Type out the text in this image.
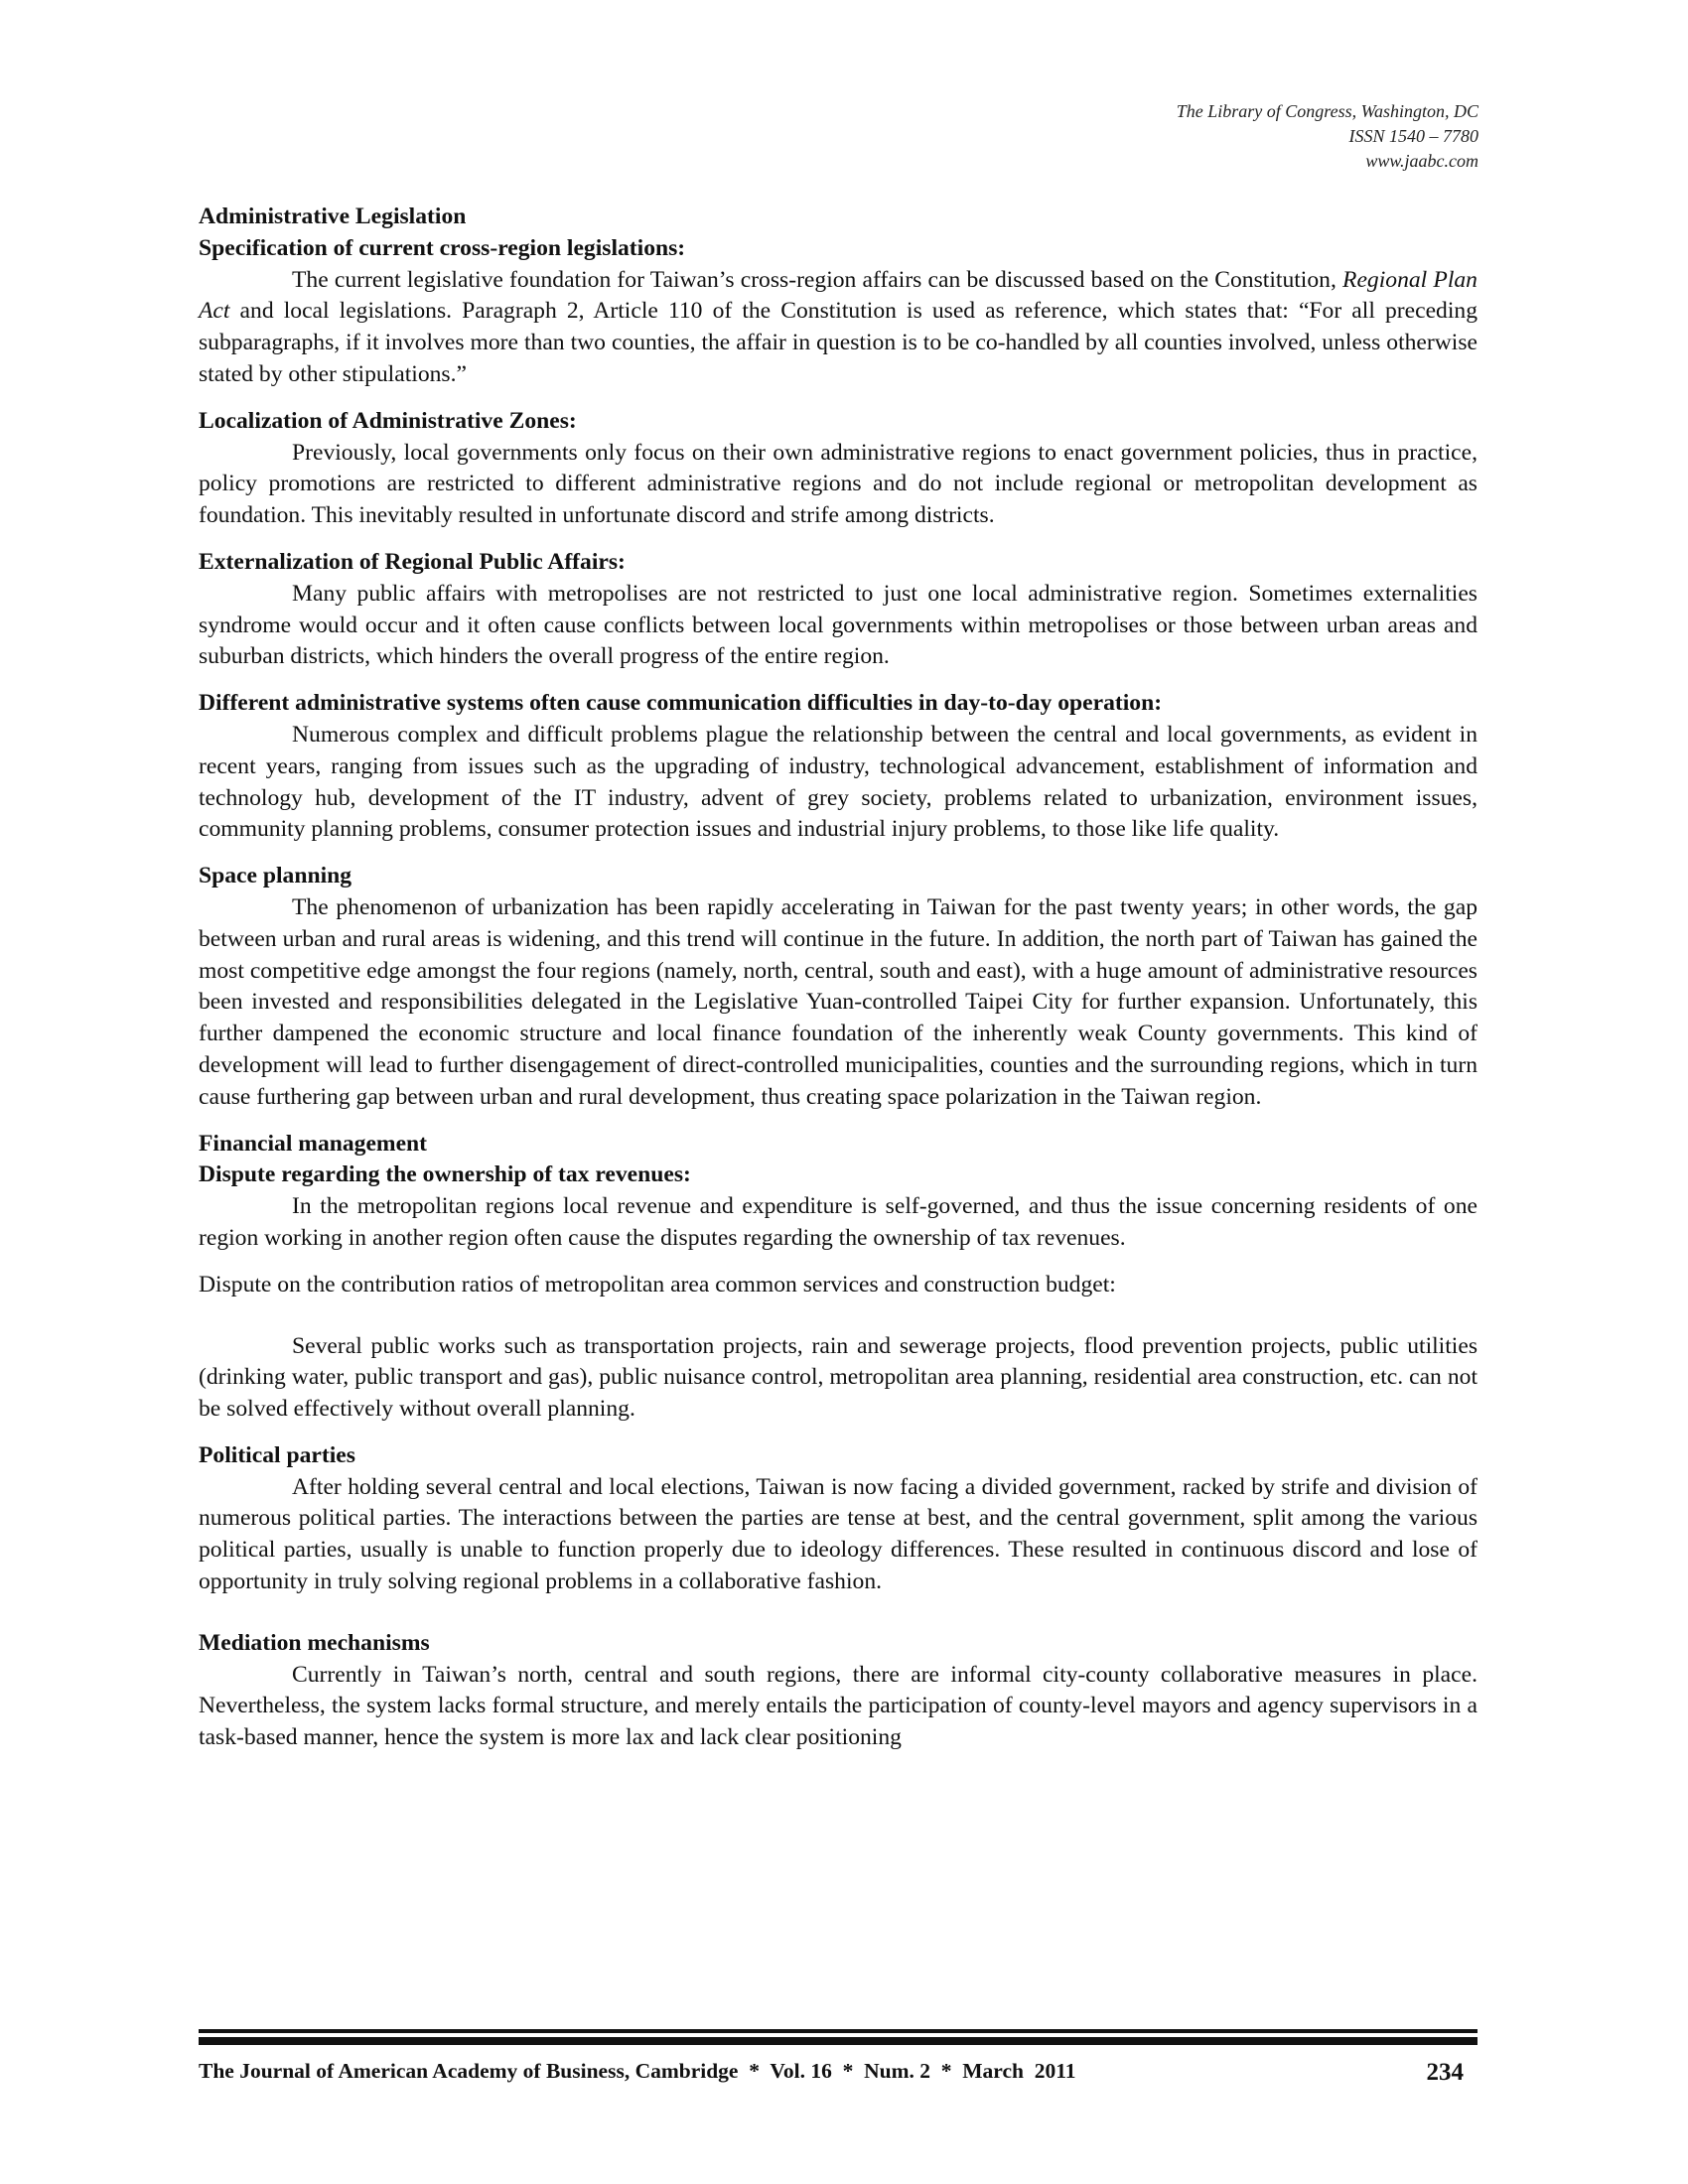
The Library of Congress, Washington, DC
ISSN 1540 – 7780
www.jaabc.com

Administrative Legislation

Specification of current cross-region legislations:

The current legislative foundation for Taiwan’s cross-region affairs can be discussed based on the Constitution, Regional Plan Act and local legislations. Paragraph 2, Article 110 of the Constitution is used as reference, which states that: “For all preceding subparagraphs, if it involves more than two counties, the affair in question is to be co-handled by all counties involved, unless otherwise stated by other stipulations.”

Localization of Administrative Zones:

Previously, local governments only focus on their own administrative regions to enact government policies, thus in practice, policy promotions are restricted to different administrative regions and do not include regional or metropolitan development as foundation. This inevitably resulted in unfortunate discord and strife among districts.

Externalization of Regional Public Affairs:

Many public affairs with metropolises are not restricted to just one local administrative region. Sometimes externalities syndrome would occur and it often cause conflicts between local governments within metropolises or those between urban areas and suburban districts, which hinders the overall progress of the entire region.

Different administrative systems often cause communication difficulties in day-to-day operation:

Numerous complex and difficult problems plague the relationship between the central and local governments, as evident in recent years, ranging from issues such as the upgrading of industry, technological advancement, establishment of information and technology hub, development of the IT industry, advent of grey society, problems related to urbanization, environment issues, community planning problems, consumer protection issues and industrial injury problems, to those like life quality.

Space planning

The phenomenon of urbanization has been rapidly accelerating in Taiwan for the past twenty years; in other words, the gap between urban and rural areas is widening, and this trend will continue in the future. In addition, the north part of Taiwan has gained the most competitive edge amongst the four regions (namely, north, central, south and east), with a huge amount of administrative resources been invested and responsibilities delegated in the Legislative Yuan-controlled Taipei City for further expansion. Unfortunately, this further dampened the economic structure and local finance foundation of the inherently weak County governments. This kind of development will lead to further disengagement of direct-controlled municipalities, counties and the surrounding regions, which in turn cause furthering gap between urban and rural development, thus creating space polarization in the Taiwan region.

Financial management

Dispute regarding the ownership of tax revenues:

In the metropolitan regions local revenue and expenditure is self-governed, and thus the issue concerning residents of one region working in another region often cause the disputes regarding the ownership of tax revenues.

Dispute on the contribution ratios of metropolitan area common services and construction budget:

Several public works such as transportation projects, rain and sewerage projects, flood prevention projects, public utilities (drinking water, public transport and gas), public nuisance control, metropolitan area planning, residential area construction, etc. can not be solved effectively without overall planning.

Political parties

After holding several central and local elections, Taiwan is now facing a divided government, racked by strife and division of numerous political parties. The interactions between the parties are tense at best, and the central government, split among the various political parties, usually is unable to function properly due to ideology differences. These resulted in continuous discord and lose of opportunity in truly solving regional problems in a collaborative fashion.

Mediation mechanisms

Currently in Taiwan’s north, central and south regions, there are informal city-county collaborative measures in place. Nevertheless, the system lacks formal structure, and merely entails the participation of county-level mayors and agency supervisors in a task-based manner, hence the system is more lax and lack clear positioning

The Journal of American Academy of Business, Cambridge  *  Vol. 16  *  Num. 2  *  March  2011	234
